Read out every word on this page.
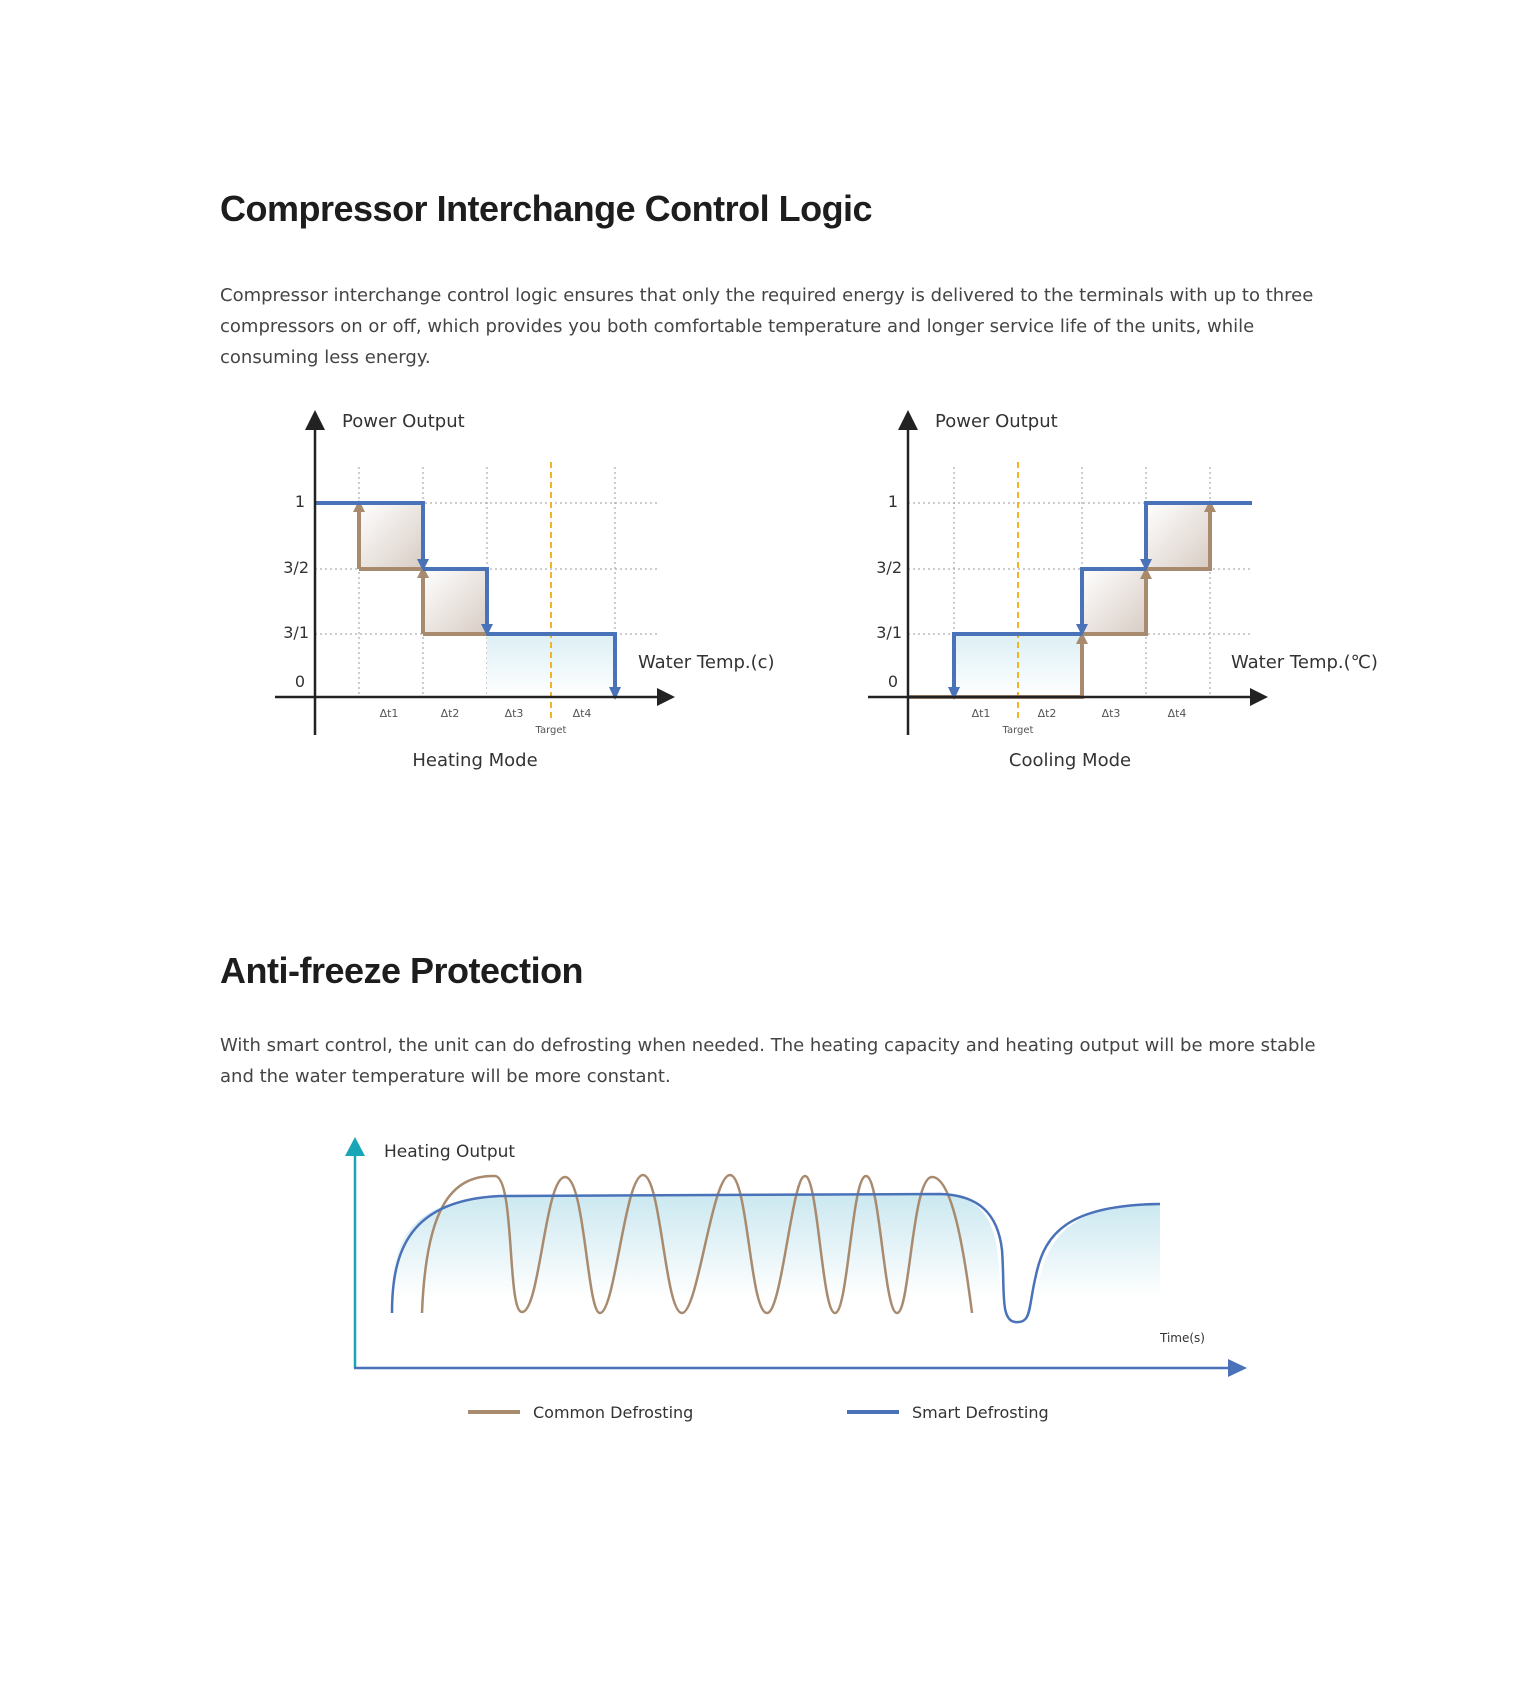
Compressor Interchange Control Logic

Compressor interchange control logic ensures that only the required energy is delivered to the terminals with up to three compressors on or off, which provides you both comfortable temperature and longer service life of the units, while consuming less energy.

Anti-freeze Protection

With smart control, the unit can do defrosting when needed. The heating capacity and heating output will be more stable and the water temperature will be more constant.

Power Output
Water Temp.(c)
1
3/2
3/1
0
Δt1	Δt2	Δt3	Δt4
Target
Heating Mode
Power Output
Water Temp.(℃)
1
3/2
3/1
0
Δt1	Δt2	Δt3	Δt4
Target
Cooling Mode
Heating Output
Time(s)
Common Defrosting	Smart Defrosting
